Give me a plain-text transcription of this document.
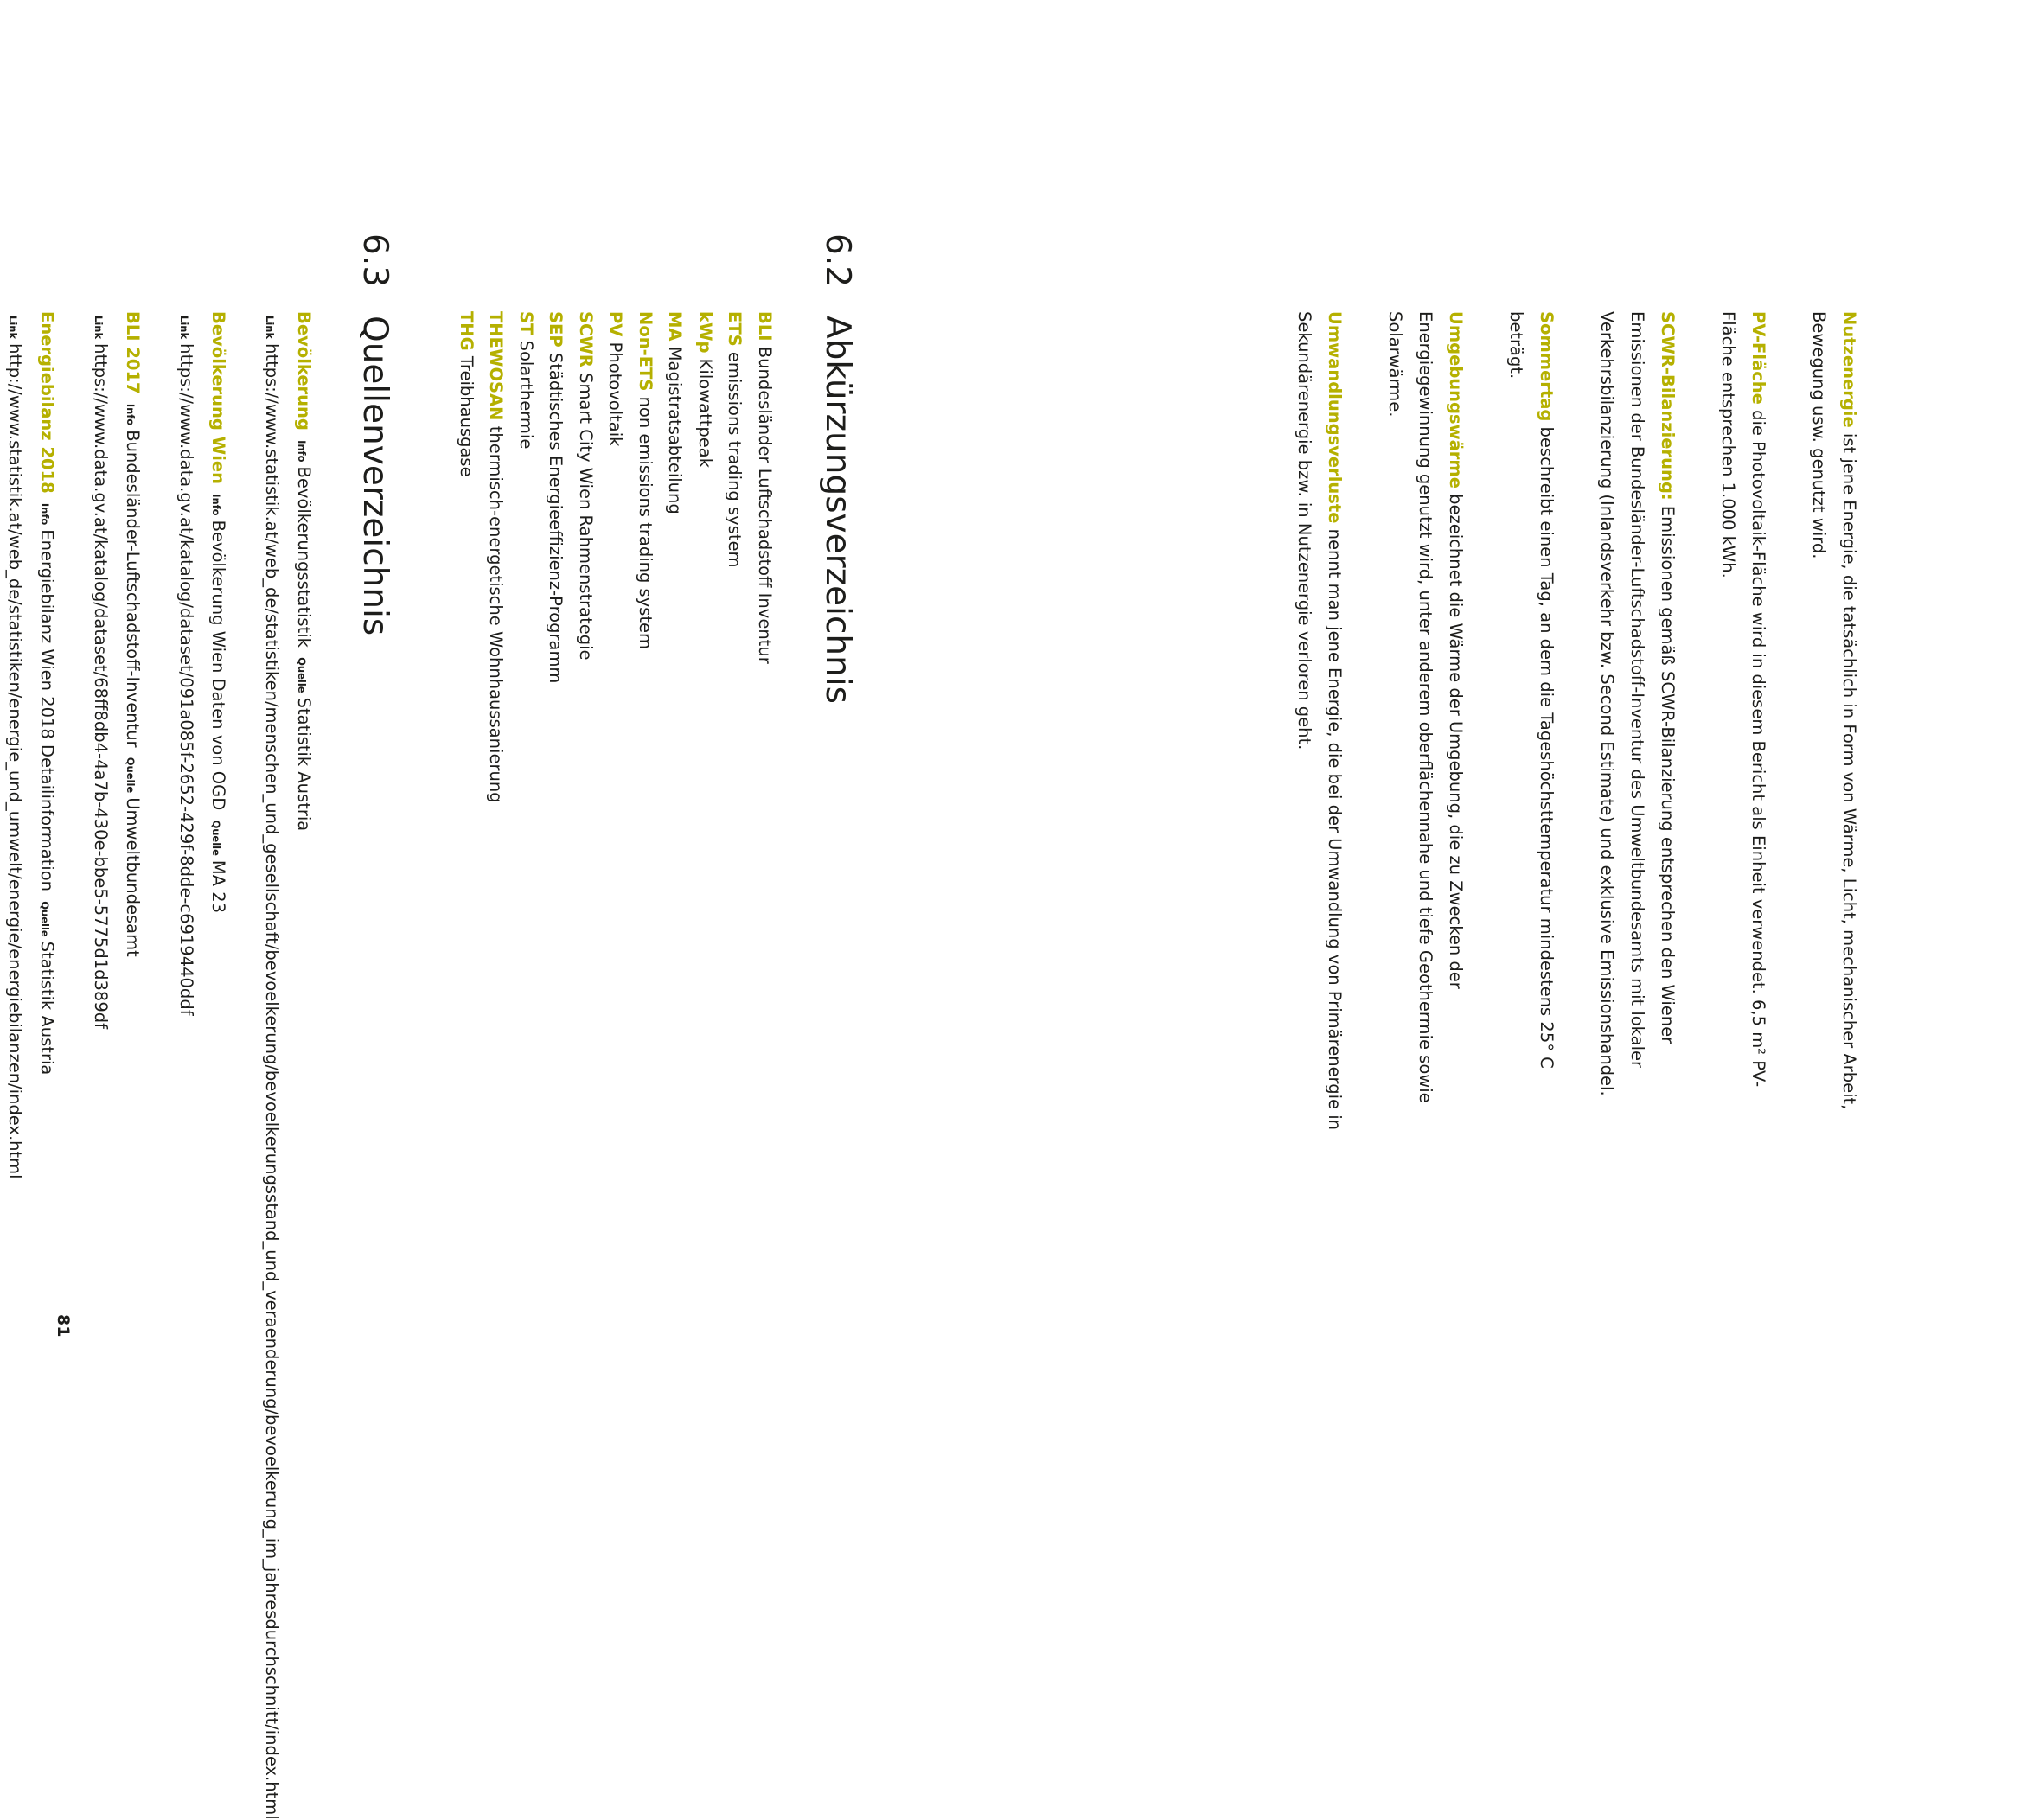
Nutzenergie ist jene Energie, die tatsächlich in Form von Wärme, Licht, mechanischer Arbeit, Bewegung usw. genutzt wird.

PV-Fläche die Photovoltaik-Fläche wird in diesem Bericht als Einheit verwendet. 6,5 m² PV-Fläche entsprechen 1.000 kWh.

SCWR-Bilanzierung: Emissionen gemäß SCWR-Bilanzierung entsprechen den Wiener Emissionen der Bundesländer-Luftschadstoff-Inventur des Umweltbundesamts mit lokaler Verkehrsbilanzierung (Inlandsverkehr bzw. Second Estimate) und exklusive Emissionshandel.

Sommertag beschreibt einen Tag, an dem die Tageshöchsttemperatur mindestens 25° C beträgt.

Umgebungswärme bezeichnet die Wärme der Umgebung, die zu Zwecken der Energiegewinnung genutzt wird, unter anderem oberflächennahe und tiefe Geothermie sowie Solarwärme.

Umwandlungsverluste nennt man jene Energie, die bei der Umwandlung von Primärenergie in Sekundärenergie bzw. in Nutzenergie verloren geht.

6.2Abkürzungsverzeichnis
BLI Bundesländer Luftschadstoff Inventur
ETS emissions trading system
kWp Kilowattpeak
MA Magistratsabteilung
Non-ETS non emissions trading system
PV Photovoltaik
SCWR Smart City Wien Rahmenstrategie
SEP Städtisches Energieeffizienz-Programm
ST Solarthermie
THEWOSAN thermisch-energetische Wohnhaussanierung
THG Treibhausgase
6.3Quellenverzeichnis

Bevölkerung InfoBevölkerungsstatistik QuelleStatistik Austria Linkhttps://www.statistik.at/web_de/statistiken/menschen_und_gesellschaft/bevoelkerung/bevoelkerungsstand_und_veraenderung/bevoelkerung_im_jahresdurchschnitt/index.html

Bevölkerung Wien InfoBevölkerung Wien Daten von OGD QuelleMA 23 Linkhttps://www.data.gv.at/katalog/dataset/091a085f-2652-429f-8dde-c6919440ddf

BLI 2017 InfoBundesländer-Luftschadstoff-Inventur QuelleUmweltbundesamt Linkhttps://www.data.gv.at/katalog/dataset/68ff8db4-4a7b-430e-bbe5-5775d1d389df

Energiebilanz 2018 InfoEnergiebilanz Wien 2018 Detailinformation QuelleStatistik Austria Linkhttp://www.statistik.at/web_de/statistiken/energie_und_umwelt/energie/energiebilanzen/index.html

81
